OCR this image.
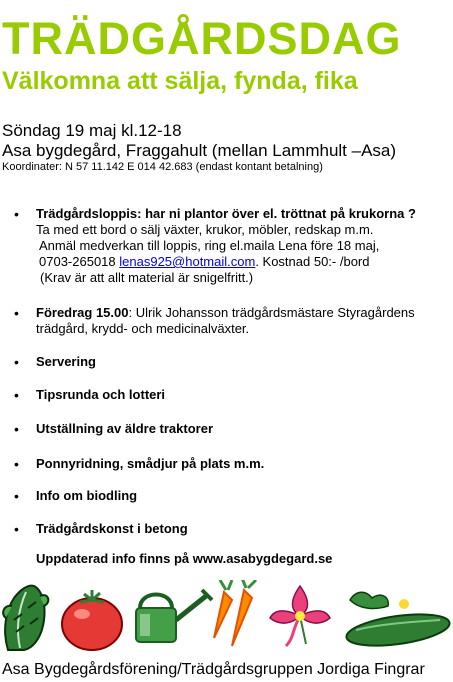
TRÄDGÅRDSDAG
Välkomna att sälja, fynda, fika
Söndag 19 maj kl.12-18
Asa bygdegård, Fraggahult (mellan Lammhult –Asa)
Koordinater: N 57 11.142 E 014 42.683 (endast kontant betalning)
• Trädgårdsloppis: har ni plantor över el. tröttnat på krukorna ?
Ta med ett bord o sälj växter, krukor, möbler, redskap m.m.
Anmäl medverkan till loppis, ring el.maila Lena före 18 maj,
0703-265018 lenas925@hotmail.com. Kostnad 50:- /bord
(Krav är att allt material är snigelfritt.)
• Föredrag 15.00: Ulrik Johansson trädgårdsmästare Styragårdens
trädgård, krydd- och medicinalväxter.
• Servering
• Tipsrunda och lotteri
• Utställning av äldre traktorer
• Ponnyridning, smådjur på plats m.m.
• Info om biodling
• Trädgårdskonst i betong
Uppdaterad info finns på www.asabygdegard.se
Asa Bygdegårdsförening/Trädgårdsgruppen Jordiga Fingrar
